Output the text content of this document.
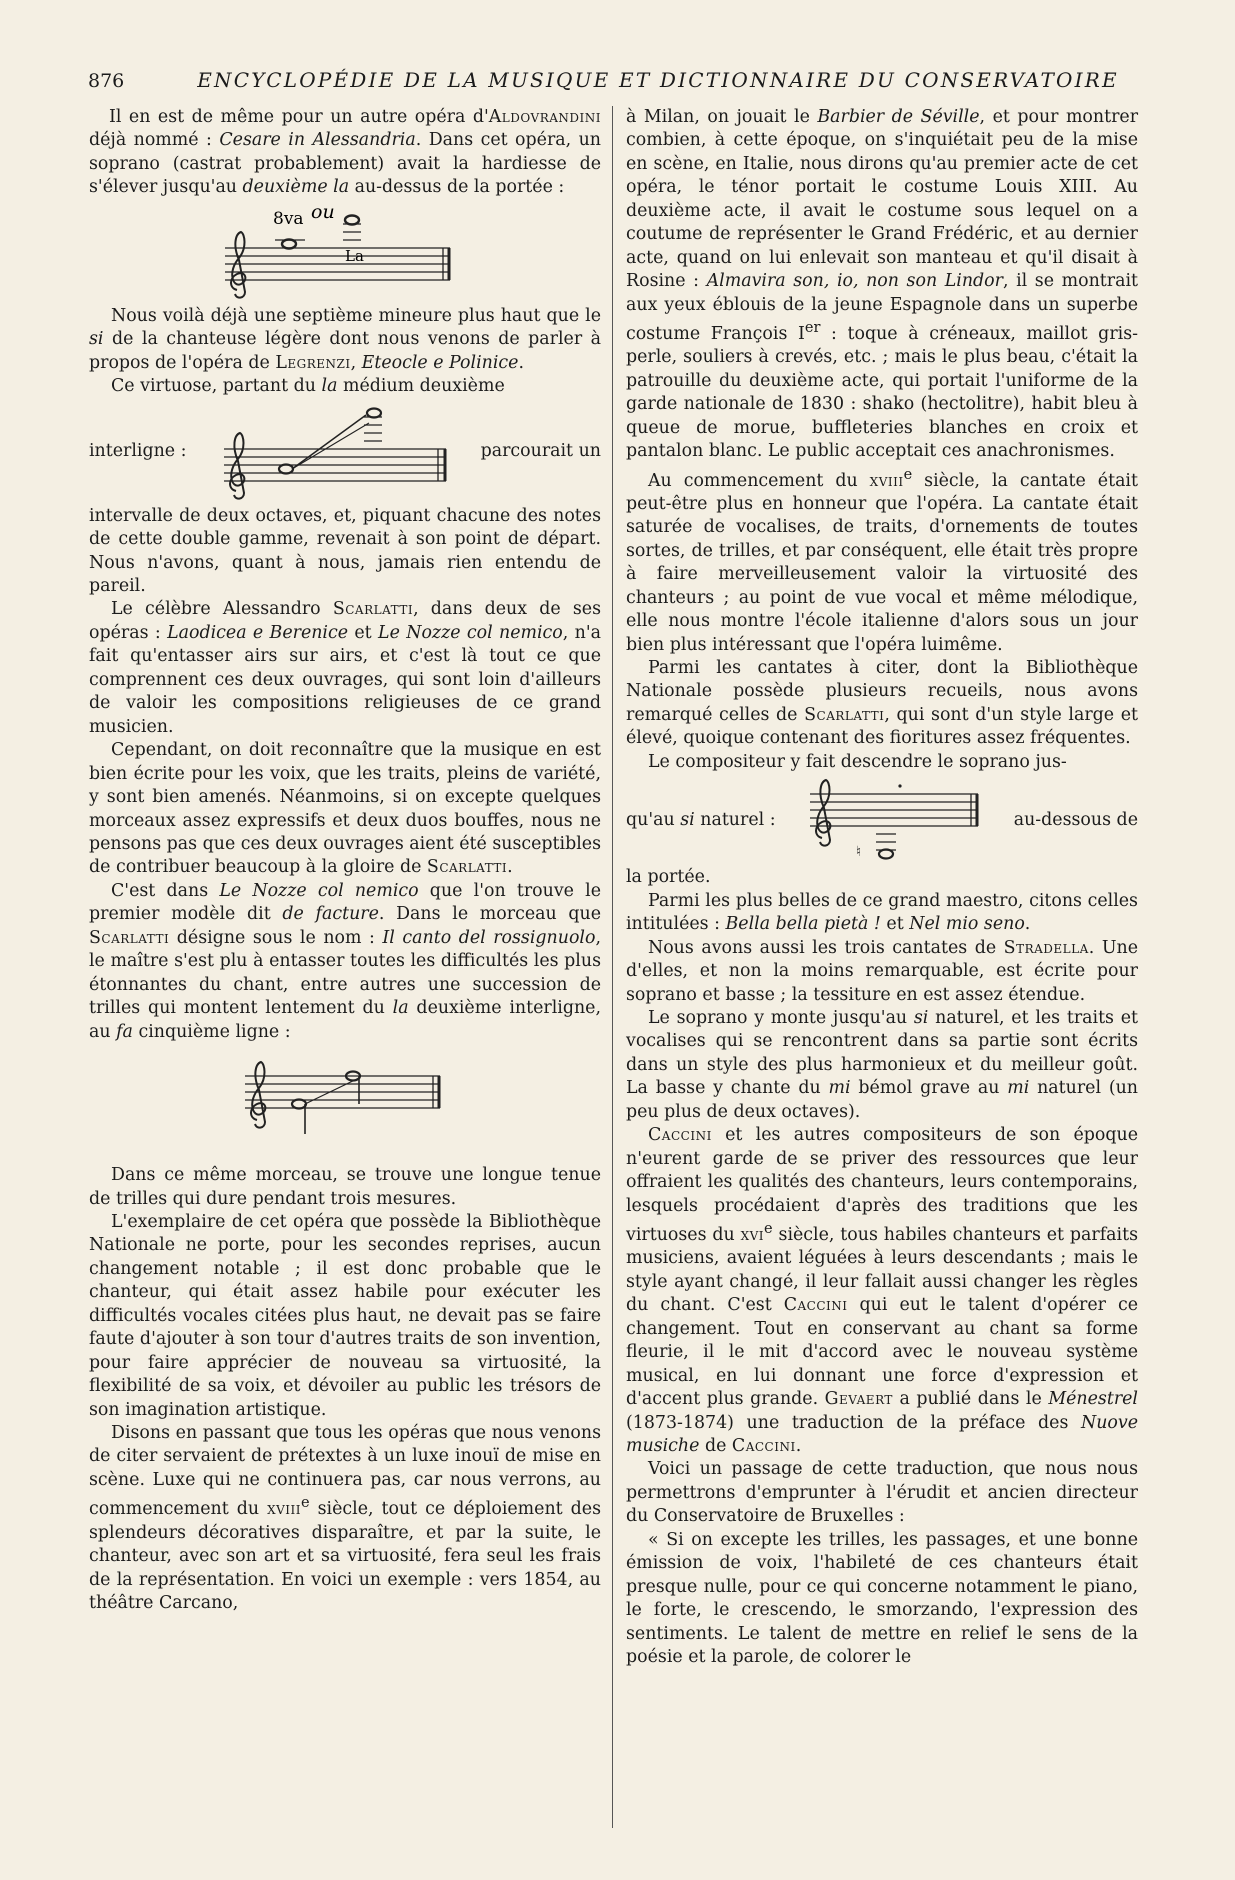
876	ENCYCLOPÉDIE DE LA MUSIQUE ET DICTIONNAIRE DU CONSERVATOIRE

Il en est de même pour un autre opéra d'Aldovrandini déjà nommé : Cesare in Alessandria. Dans cet opéra, un soprano (castrat probablement) avait la hardiesse de s'élever jusqu'au deuxième la au-dessus de la portée :

8va ou
La

Nous voilà déjà une septième mineure plus haut que le si de la chanteuse légère dont nous venons de parler à propos de l'opéra de Legrenzi, Eteocle e Polinice.

Ce virtuose, partant du la médium deuxième

interligne :	parcourait un

intervalle de deux octaves, et, piquant chacune des notes de cette double gamme, revenait à son point de départ. Nous n'avons, quant à nous, jamais rien entendu de pareil.

Le célèbre Alessandro Scarlatti, dans deux de ses opéras : Laodicea e Berenice et Le Nozze col nemico, n'a fait qu'entasser airs sur airs, et c'est là tout ce que comprennent ces deux ouvrages, qui sont loin d'ailleurs de valoir les compositions religieuses de ce grand musicien.

Cependant, on doit reconnaître que la musique en est bien écrite pour les voix, que les traits, pleins de variété, y sont bien amenés. Néanmoins, si on excepte quelques morceaux assez expressifs et deux duos bouffes, nous ne pensons pas que ces deux ouvrages aient été susceptibles de contribuer beaucoup à la gloire de Scarlatti.

C'est dans Le Nozze col nemico que l'on trouve le premier modèle dit de facture. Dans le morceau que Scarlatti désigne sous le nom : Il canto del rossignuolo, le maître s'est plu à entasser toutes les difficultés les plus étonnantes du chant, entre autres une succession de trilles qui montent lentement du la deuxième interligne, au fa cinquième ligne :

Dans ce même morceau, se trouve une longue tenue de trilles qui dure pendant trois mesures.

L'exemplaire de cet opéra que possède la Bibliothèque Nationale ne porte, pour les secondes reprises, aucun changement notable ; il est donc probable que le chanteur, qui était assez habile pour exécuter les difficultés vocales citées plus haut, ne devait pas se faire faute d'ajouter à son tour d'autres traits de son invention, pour faire apprécier de nouveau sa virtuosité, la flexibilité de sa voix, et dévoiler au public les trésors de son imagination artistique.

Disons en passant que tous les opéras que nous venons de citer servaient de prétextes à un luxe inouï de mise en scène. Luxe qui ne continuera pas, car nous verrons, au commencement du xviii$^e$ siècle, tout ce déploiement des splendeurs décoratives disparaître, et par la suite, le chanteur, avec son art et sa virtuosité, fera seul les frais de la représentation. En voici un exemple : vers 1854, au théâtre Carcano,

à Milan, on jouait le Barbier de Séville, et pour montrer combien, à cette époque, on s'inquiétait peu de la mise en scène, en Italie, nous dirons qu'au premier acte de cet opéra, le ténor portait le costume Louis XIII. Au deuxième acte, il avait le costume sous lequel on a coutume de représenter le Grand Frédéric, et au dernier acte, quand on lui enlevait son manteau et qu'il disait à Rosine : Almavira son, io, non son Lindor, il se montrait aux yeux éblouis de la jeune Espagnole dans un superbe costume François Ier : toque à créneaux, maillot gris-perle, souliers à crevés, etc. ; mais le plus beau, c'était la patrouille du deuxième acte, qui portait l'uniforme de la garde nationale de 1830 : shako (hectolitre), habit bleu à queue de morue, buffleteries blanches en croix et pantalon blanc. Le public acceptait ces anachronismes.

Au commencement du xviii$^e$ siècle, la cantate était peut-être plus en honneur que l'opéra. La cantate était saturée de vocalises, de traits, d'ornements de toutes sortes, de trilles, et par conséquent, elle était très propre à faire merveilleusement valoir la virtuosité des chanteurs ; au point de vue vocal et même mélodique, elle nous montre l'école italienne d'alors sous un jour bien plus intéressant que l'opéra luimême.

Parmi les cantates à citer, dont la Bibliothèque Nationale possède plusieurs recueils, nous avons remarqué celles de Scarlatti, qui sont d'un style large et élevé, quoique contenant des fioritures assez fréquentes.

Le compositeur y fait descendre le soprano jus-

qu'au si naturel :
♮
au-dessous de

la portée.

Parmi les plus belles de ce grand maestro, citons celles intitulées : Bella bella pietà ! et Nel mio seno.

Nous avons aussi les trois cantates de Stradella. Une d'elles, et non la moins remarquable, est écrite pour soprano et basse ; la tessiture en est assez étendue.

Le soprano y monte jusqu'au si naturel, et les traits et vocalises qui se rencontrent dans sa partie sont écrits dans un style des plus harmonieux et du meilleur goût. La basse y chante du mi bémol grave au mi naturel (un peu plus de deux octaves).

Caccini et les autres compositeurs de son époque n'eurent garde de se priver des ressources que leur offraient les qualités des chanteurs, leurs contemporains, lesquels procédaient d'après des traditions que les virtuoses du xvi$^e$ siècle, tous habiles chanteurs et parfaits musiciens, avaient léguées à leurs descendants ; mais le style ayant changé, il leur fallait aussi changer les règles du chant. C'est Caccini qui eut le talent d'opérer ce changement. Tout en conservant au chant sa forme fleurie, il le mit d'accord avec le nouveau système musical, en lui donnant une force d'expression et d'accent plus grande. Gevaert a publié dans le Ménestrel (1873-1874) une traduction de la préface des Nuove musiche de Caccini.

Voici un passage de cette traduction, que nous nous permettrons d'emprunter à l'érudit et ancien directeur du Conservatoire de Bruxelles :

« Si on excepte les trilles, les passages, et une bonne émission de voix, l'habileté de ces chanteurs était presque nulle, pour ce qui concerne notamment le piano, le forte, le crescendo, le smorzando, l'expression des sentiments. Le talent de mettre en relief le sens de la poésie et la parole, de colorer le
